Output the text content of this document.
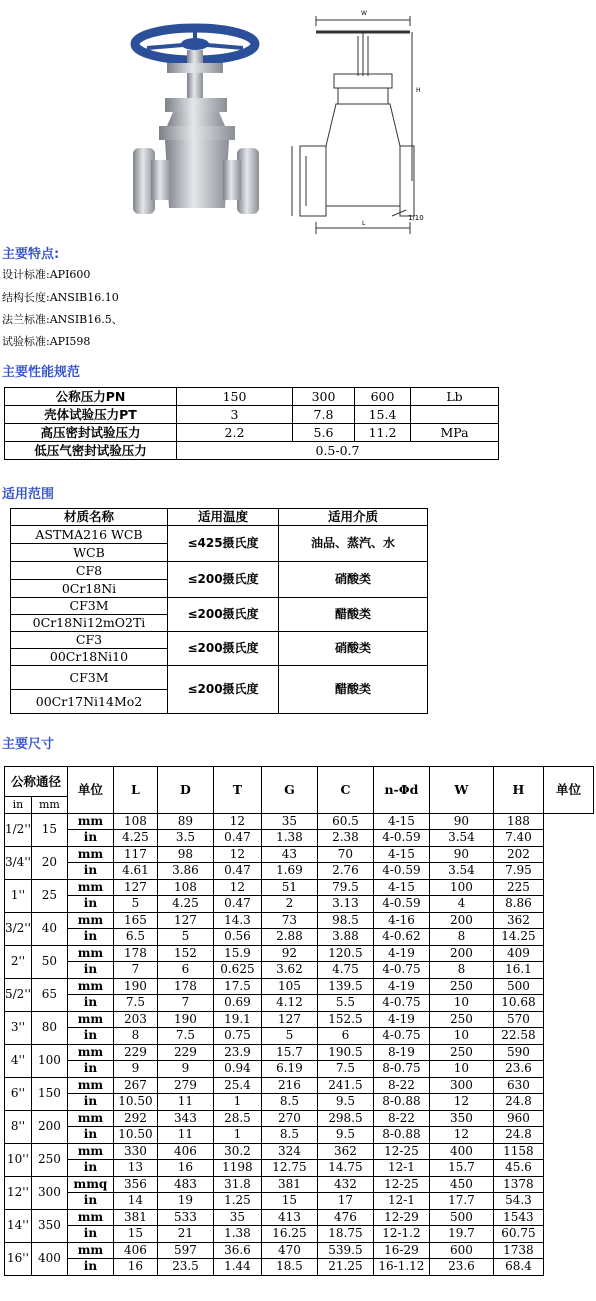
W
H
L
1/10
主要特点:
设计标准:API600
结构长度:ANSIB16.10
法兰标准:ANSIB16.5、
试验标准:API598
主要性能规范
公称压力PN	150	300	600	Lb
壳体试验压力PT	3	7.8	15.4	
高压密封试验压力	2.2	5.6	11.2	MPa
低压气密封试验压力	0.5-0.7			
适用范围
材质名称	适用温度	适用介质
ASTMA216 WCB	≤425摄氏度	油品、蒸汽、水
WCB		
CF8	≤200摄氏度	硝酸类
0Cr18Ni		
CF3M	≤200摄氏度	醋酸类
0Cr18Ni12mO2Ti		
CF3	≤200摄氏度	硝酸类
00Cr18Ni10		
CF3M	≤200摄氏度	醋酸类
00Cr17Ni14Mo2		
主要尺寸
公称通径		单位	L	D	T	G	C	n-Φd	W	H	单位
in	mm										
1/2''	15	mm	108	89	12	35	60.5	4-15	90	188	
		in	4.25	3.5	0.47	1.38	2.38	4-0.59	3.54	7.40	
3/4''	20	mm	117	98	12	43	70	4-15	90	202	
		in	4.61	3.86	0.47	1.69	2.76	4-0.59	3.54	7.95	
1''	25	mm	127	108	12	51	79.5	4-15	100	225	
		in	5	4.25	0.47	2	3.13	4-0.59	4	8.86	
3/2''	40	mm	165	127	14.3	73	98.5	4-16	200	362	
		in	6.5	5	0.56	2.88	3.88	4-0.62	8	14.25	
2''	50	mm	178	152	15.9	92	120.5	4-19	200	409	
		in	7	6	0.625	3.62	4.75	4-0.75	8	16.1	
5/2''	65	mm	190	178	17.5	105	139.5	4-19	250	500	
		in	7.5	7	0.69	4.12	5.5	4-0.75	10	10.68	
3''	80	mm	203	190	19.1	127	152.5	4-19	250	570	
		in	8	7.5	0.75	5	6	4-0.75	10	22.58	
4''	100	mm	229	229	23.9	15.7	190.5	8-19	250	590	
		in	9	9	0.94	6.19	7.5	8-0.75	10	23.6	
6''	150	mm	267	279	25.4	216	241.5	8-22	300	630	
		in	10.50	11	1	8.5	9.5	8-0.88	12	24.8	
8''	200	mm	292	343	28.5	270	298.5	8-22	350	960	
		in	10.50	11	1	8.5	9.5	8-0.88	12	24.8	
10''	250	mm	330	406	30.2	324	362	12-25	400	1158	
		in	13	16	1198	12.75	14.75	12-1	15.7	45.6	
12''	300	mmq	356	483	31.8	381	432	12-25	450	1378	
		in	14	19	1.25	15	17	12-1	17.7	54.3	
14''	350	mm	381	533	35	413	476	12-29	500	1543	
		in	15	21	1.38	16.25	18.75	12-1.2	19.7	60.75	
16''	400	mm	406	597	36.6	470	539.5	16-29	600	1738	
		in	16	23.5	1.44	18.5	21.25	16-1.12	23.6	68.4	
